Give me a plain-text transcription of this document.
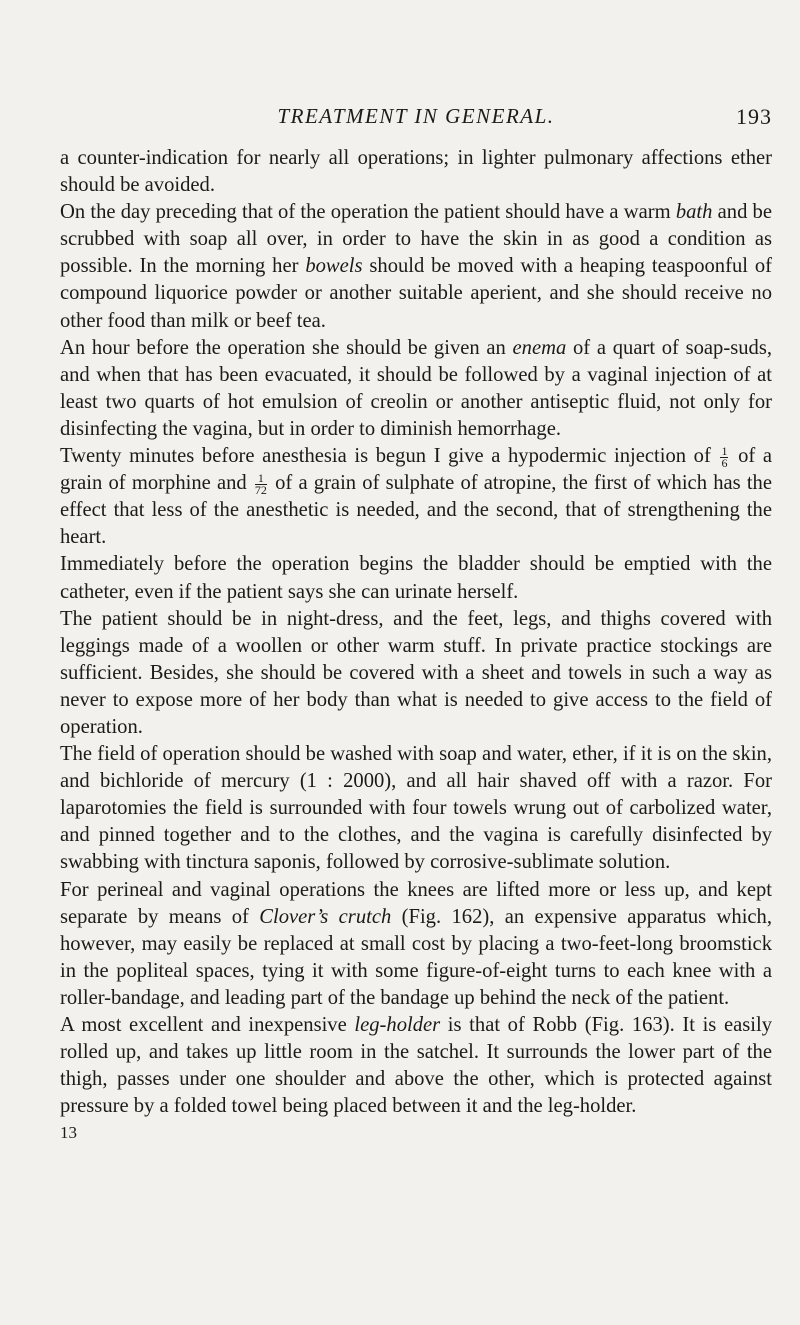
TREATMENT IN GENERAL.	193

a counter-indication for nearly all operations; in lighter pulmonary affections ether should be avoided.

On the day preceding that of the operation the patient should have a warm bath and be scrubbed with soap all over, in order to have the skin in as good a condition as possible. In the morning her bowels should be moved with a heaping teaspoonful of compound liquorice powder or another suitable aperient, and she should receive no other food than milk or beef tea.

An hour before the operation she should be given an enema of a quart of soap-suds, and when that has been evacuated, it should be followed by a vaginal injection of at least two quarts of hot emulsion of creolin or another antiseptic fluid, not only for disinfecting the vagina, but in order to diminish hemorrhage.

Twenty minutes before anesthesia is begun I give a hypodermic injection of $\frac{1}{6}$ of a grain of morphine and $\frac{1}{72}$ of a grain of sulphate of atropine, the first of which has the effect that less of the anesthetic is needed, and the second, that of strengthening the heart.

Immediately before the operation begins the bladder should be emptied with the catheter, even if the patient says she can urinate herself.

The patient should be in night-dress, and the feet, legs, and thighs covered with leggings made of a woollen or other warm stuff. In private practice stockings are sufficient. Besides, she should be covered with a sheet and towels in such a way as never to expose more of her body than what is needed to give access to the field of operation.

The field of operation should be washed with soap and water, ether, if it is on the skin, and bichloride of mercury (1 : 2000), and all hair shaved off with a razor. For laparotomies the field is surrounded with four towels wrung out of carbolized water, and pinned together and to the clothes, and the vagina is carefully disinfected by swabbing with tinctura saponis, followed by corrosive-sublimate solution.

For perineal and vaginal operations the knees are lifted more or less up, and kept separate by means of Clover’s crutch (Fig. 162), an expensive apparatus which, however, may easily be replaced at small cost by placing a two-feet-long broomstick in the popliteal spaces, tying it with some figure-of-eight turns to each knee with a roller-bandage, and leading part of the bandage up behind the neck of the patient.

A most excellent and inexpensive leg-holder is that of Robb (Fig. 163). It is easily rolled up, and takes up little room in the satchel. It surrounds the lower part of the thigh, passes under one shoulder and above the other, which is protected against pressure by a folded towel being placed between it and the leg-holder.

13
